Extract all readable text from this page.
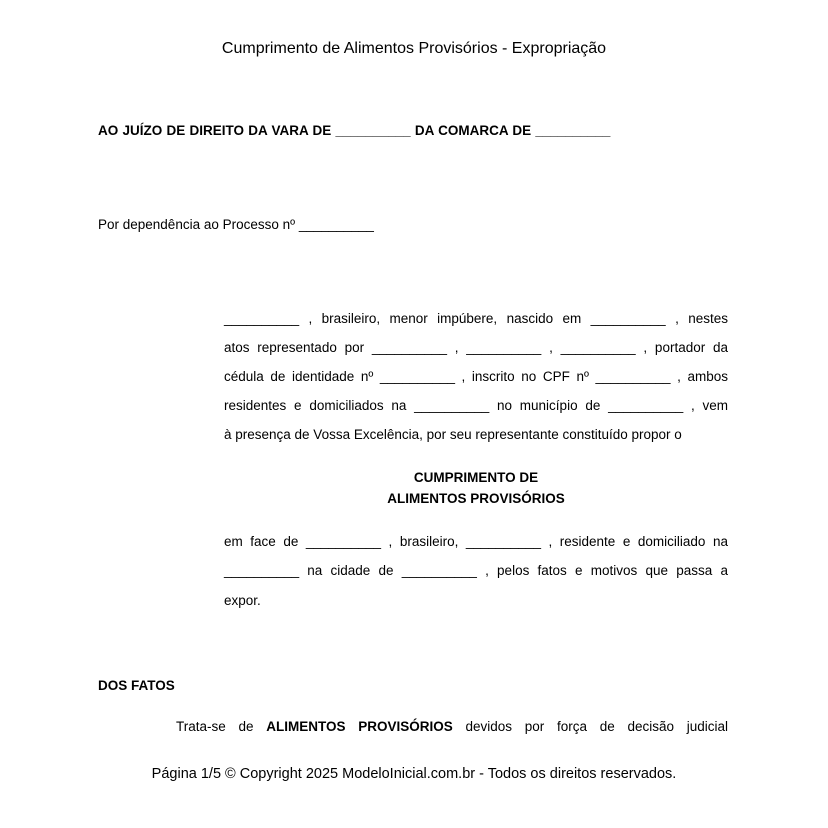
Cumprimento de Alimentos Provisórios - Expropriação
AO JUÍZO DE DIREITO DA VARA DE __________ DA COMARCA DE __________
Por dependência ao Processo nº __________
__________ , brasileiro, menor impúbere, nascido em __________ , nestes
atos representado por __________ , __________ , __________ , portador da
cédula de identidade nº __________ , inscrito no CPF nº __________ , ambos
residentes e domiciliados na __________ no município de __________ , vem
à presença de Vossa Excelência, por seu representante constituído propor o
CUMPRIMENTO DE
ALIMENTOS PROVISÓRIOS
em face de __________ , brasileiro, __________ , residente e domiciliado na
__________ na cidade de __________ , pelos fatos e motivos que passa a
expor.
DOS FATOS
Trata-se de ALIMENTOS PROVISÓRIOS devidos por força de decisão judicial
Página 1/5 © Copyright 2025 ModeloInicial.com.br - Todos os direitos reservados.
